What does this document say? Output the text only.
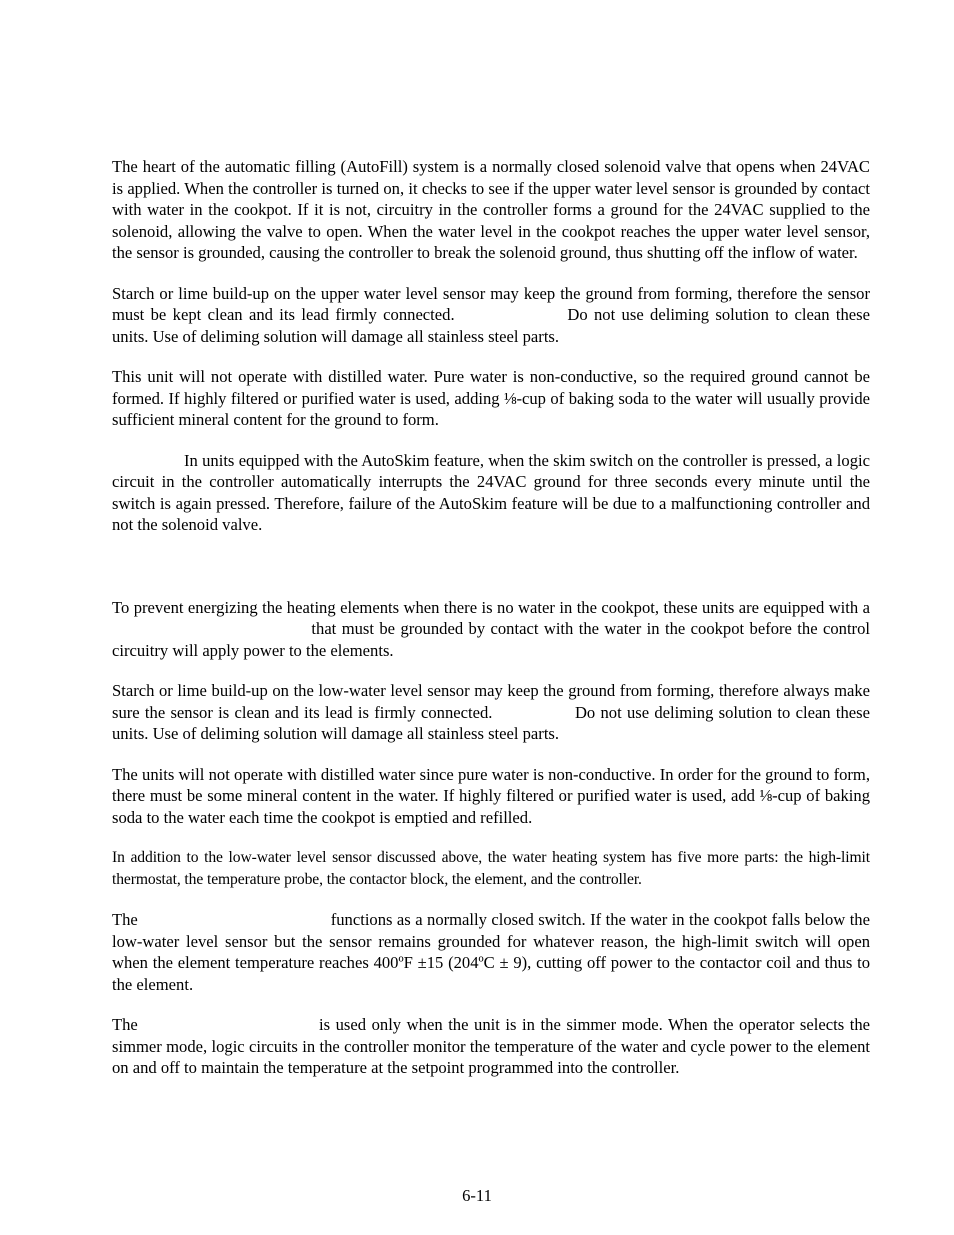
The heart of the automatic filling (AutoFill) system is a normally closed solenoid valve that opens when 24VAC is applied. When the controller is turned on, it checks to see if the upper water level sensor is grounded by contact with water in the cookpot. If it is not, circuitry in the controller forms a ground for the 24VAC supplied to the solenoid, allowing the valve to open. When the water level in the cookpot reaches the upper water level sensor, the sensor is grounded, causing the controller to break the solenoid ground, thus shutting off the inflow of water.

Starch or lime build-up on the upper water level sensor may keep the ground from forming, therefore the sensor must be kept clean and its lead firmly connected.	Do not use deliming solution to clean these units. Use of deliming solution will damage all stainless steel parts.

This unit will not operate with distilled water. Pure water is non-conductive, so the required ground cannot be formed. If highly filtered or purified water is used, adding ⅛-cup of baking soda to the water will usually provide sufficient mineral content for the ground to form.

In units equipped with the AutoSkim feature, when the skim switch on the controller is pressed, a logic circuit in the controller automatically interrupts the 24VAC ground for three seconds every minute until the switch is again pressed. Therefore, failure of the AutoSkim feature will be due to a malfunctioning controller and not the solenoid valve.

To prevent energizing the heating elements when there is no water in the cookpot, these units are equipped with a  that must be grounded by contact with the water in the cookpot before the control circuitry will apply power to the elements.

Starch or lime build-up on the low-water level sensor may keep the ground from forming, therefore always make sure the sensor is clean and its lead is firmly connected.	Do not use deliming solution to clean these units. Use of deliming solution will damage all stainless steel parts.

The units will not operate with distilled water since pure water is non-conductive. In order for the ground to form, there must be some mineral content in the water. If highly filtered or purified water is used, add ⅛-cup of baking soda to the water each time the cookpot is emptied and refilled.

In addition to the low-water level sensor discussed above, the water heating system has five more parts: the high-limit thermostat, the temperature probe, the contactor block, the element, and the controller.

The	functions as a normally closed switch. If the water in the cookpot falls below the low-water level sensor but the sensor remains grounded for whatever reason, the high-limit switch will open when the element temperature reaches 400ºF ±15 (204ºC ± 9), cutting off power to the contactor coil and thus to the element.

The	is used only when the unit is in the simmer mode. When the operator selects the simmer mode, logic circuits in the controller monitor the temperature of the water and cycle power to the element on and off to maintain the temperature at the setpoint programmed into the controller.

6-11
